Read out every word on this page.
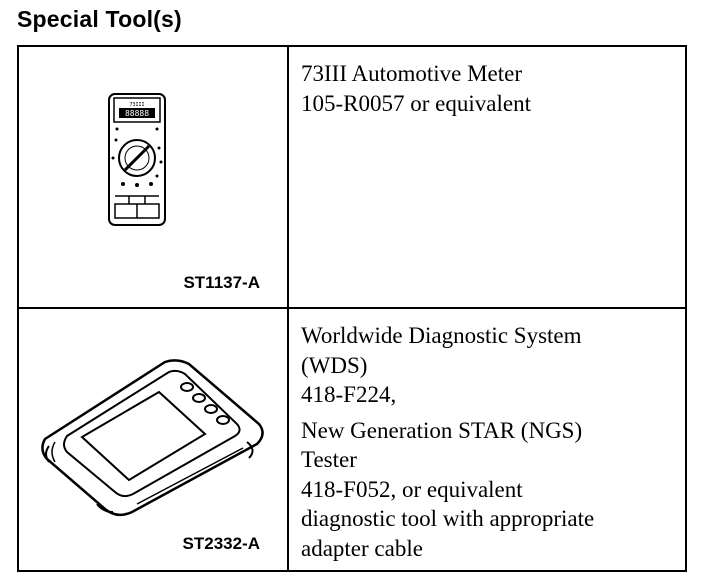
Special Tool(s)
73III
88888
ST1137-A
73III Automotive Meter
105-R0057 or equivalent
ST2332-A
Worldwide Diagnostic System
(WDS)
418-F224,
New Generation STAR (NGS)
Tester
418-F052, or equivalent
diagnostic tool with appropriate
adapter cable
